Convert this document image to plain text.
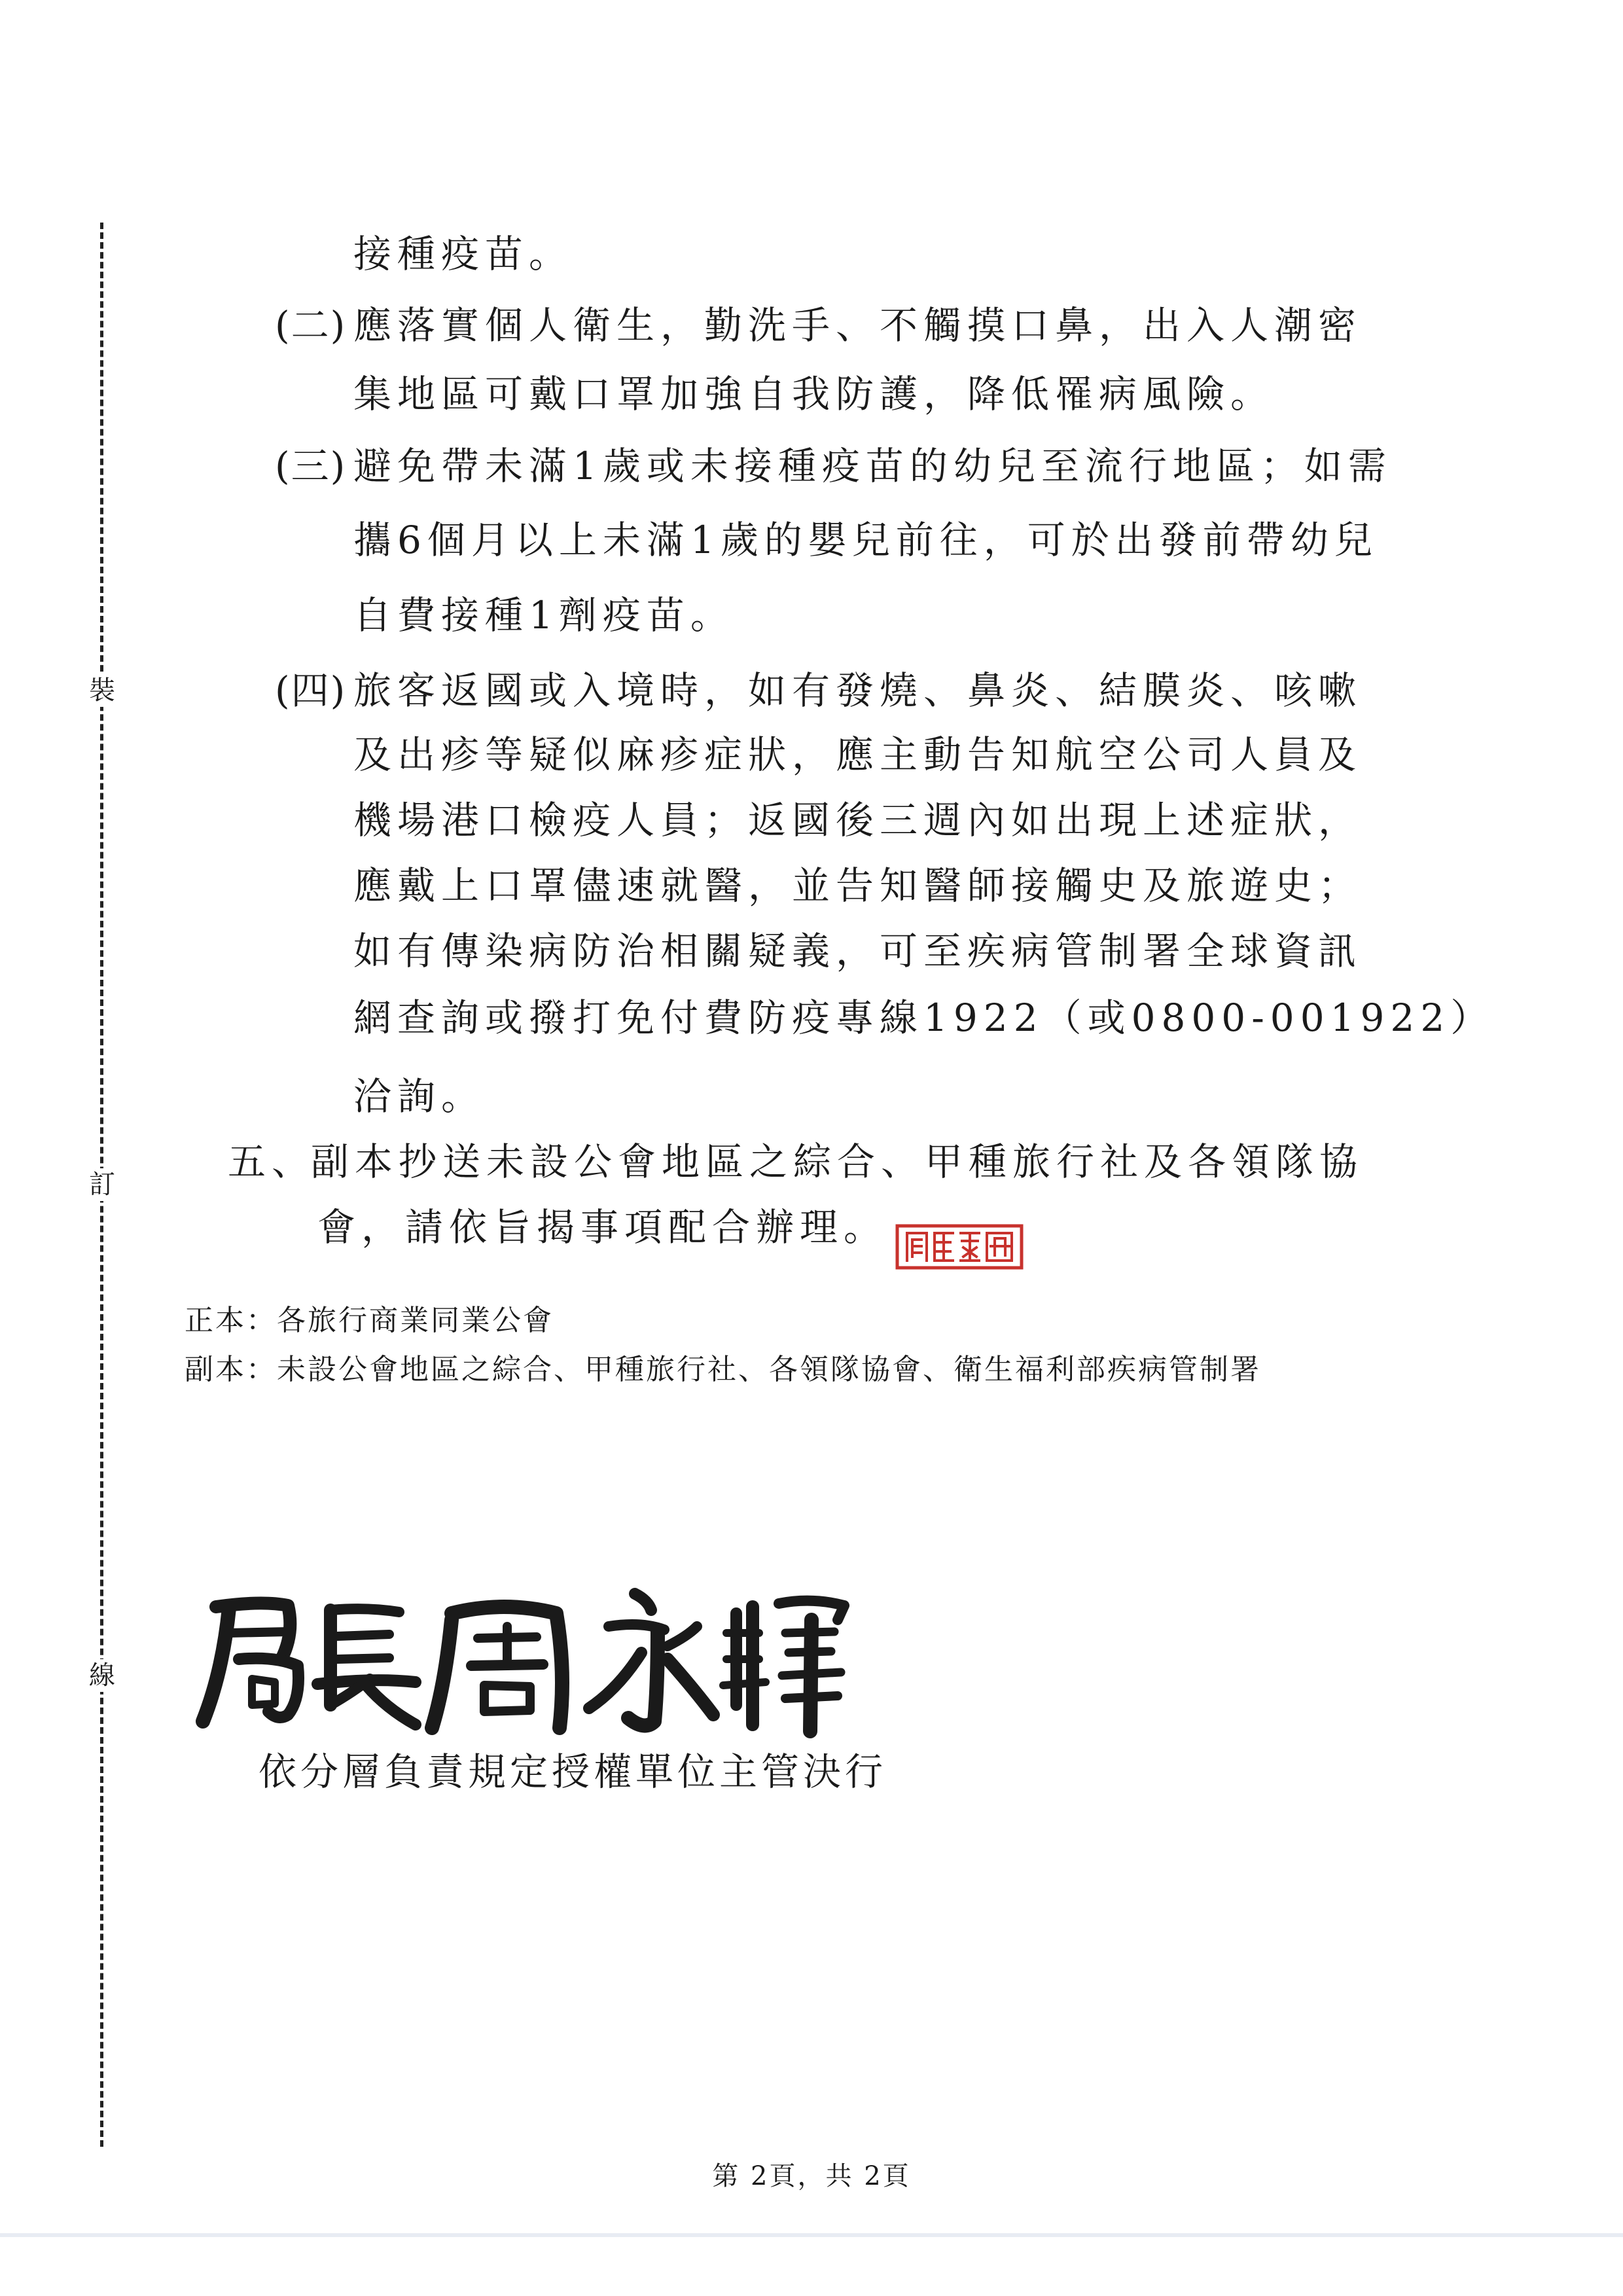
裝
訂
線
接種疫苗。
(二) 應落實個人衛生，勤洗手、不觸摸口鼻，出入人潮密
集地區可戴口罩加強自我防護，降低罹病風險。
(三) 避免帶未滿1歲或未接種疫苗的幼兒至流行地區；如需
攜6個月以上未滿1歲的嬰兒前往，可於出發前帶幼兒
自費接種1劑疫苗。
(四) 旅客返國或入境時，如有發燒、鼻炎、結膜炎、咳嗽
及出疹等疑似麻疹症狀，應主動告知航空公司人員及
機場港口檢疫人員；返國後三週內如出現上述症狀，
應戴上口罩儘速就醫，並告知醫師接觸史及旅遊史；
如有傳染病防治相關疑義，可至疾病管制署全球資訊
網查詢或撥打免付費防疫專線1922（或0800-001922）
洽詢。
五、
副本抄送未設公會地區之綜合、甲種旅行社及各領隊協
會，請依旨揭事項配合辦理。
正本：各旅行商業同業公會
副本：未設公會地區之綜合、甲種旅行社、各領隊協會、衛生福利部疾病管制署
依分層負責規定授權單位主管決行
第 2頁，共 2頁
